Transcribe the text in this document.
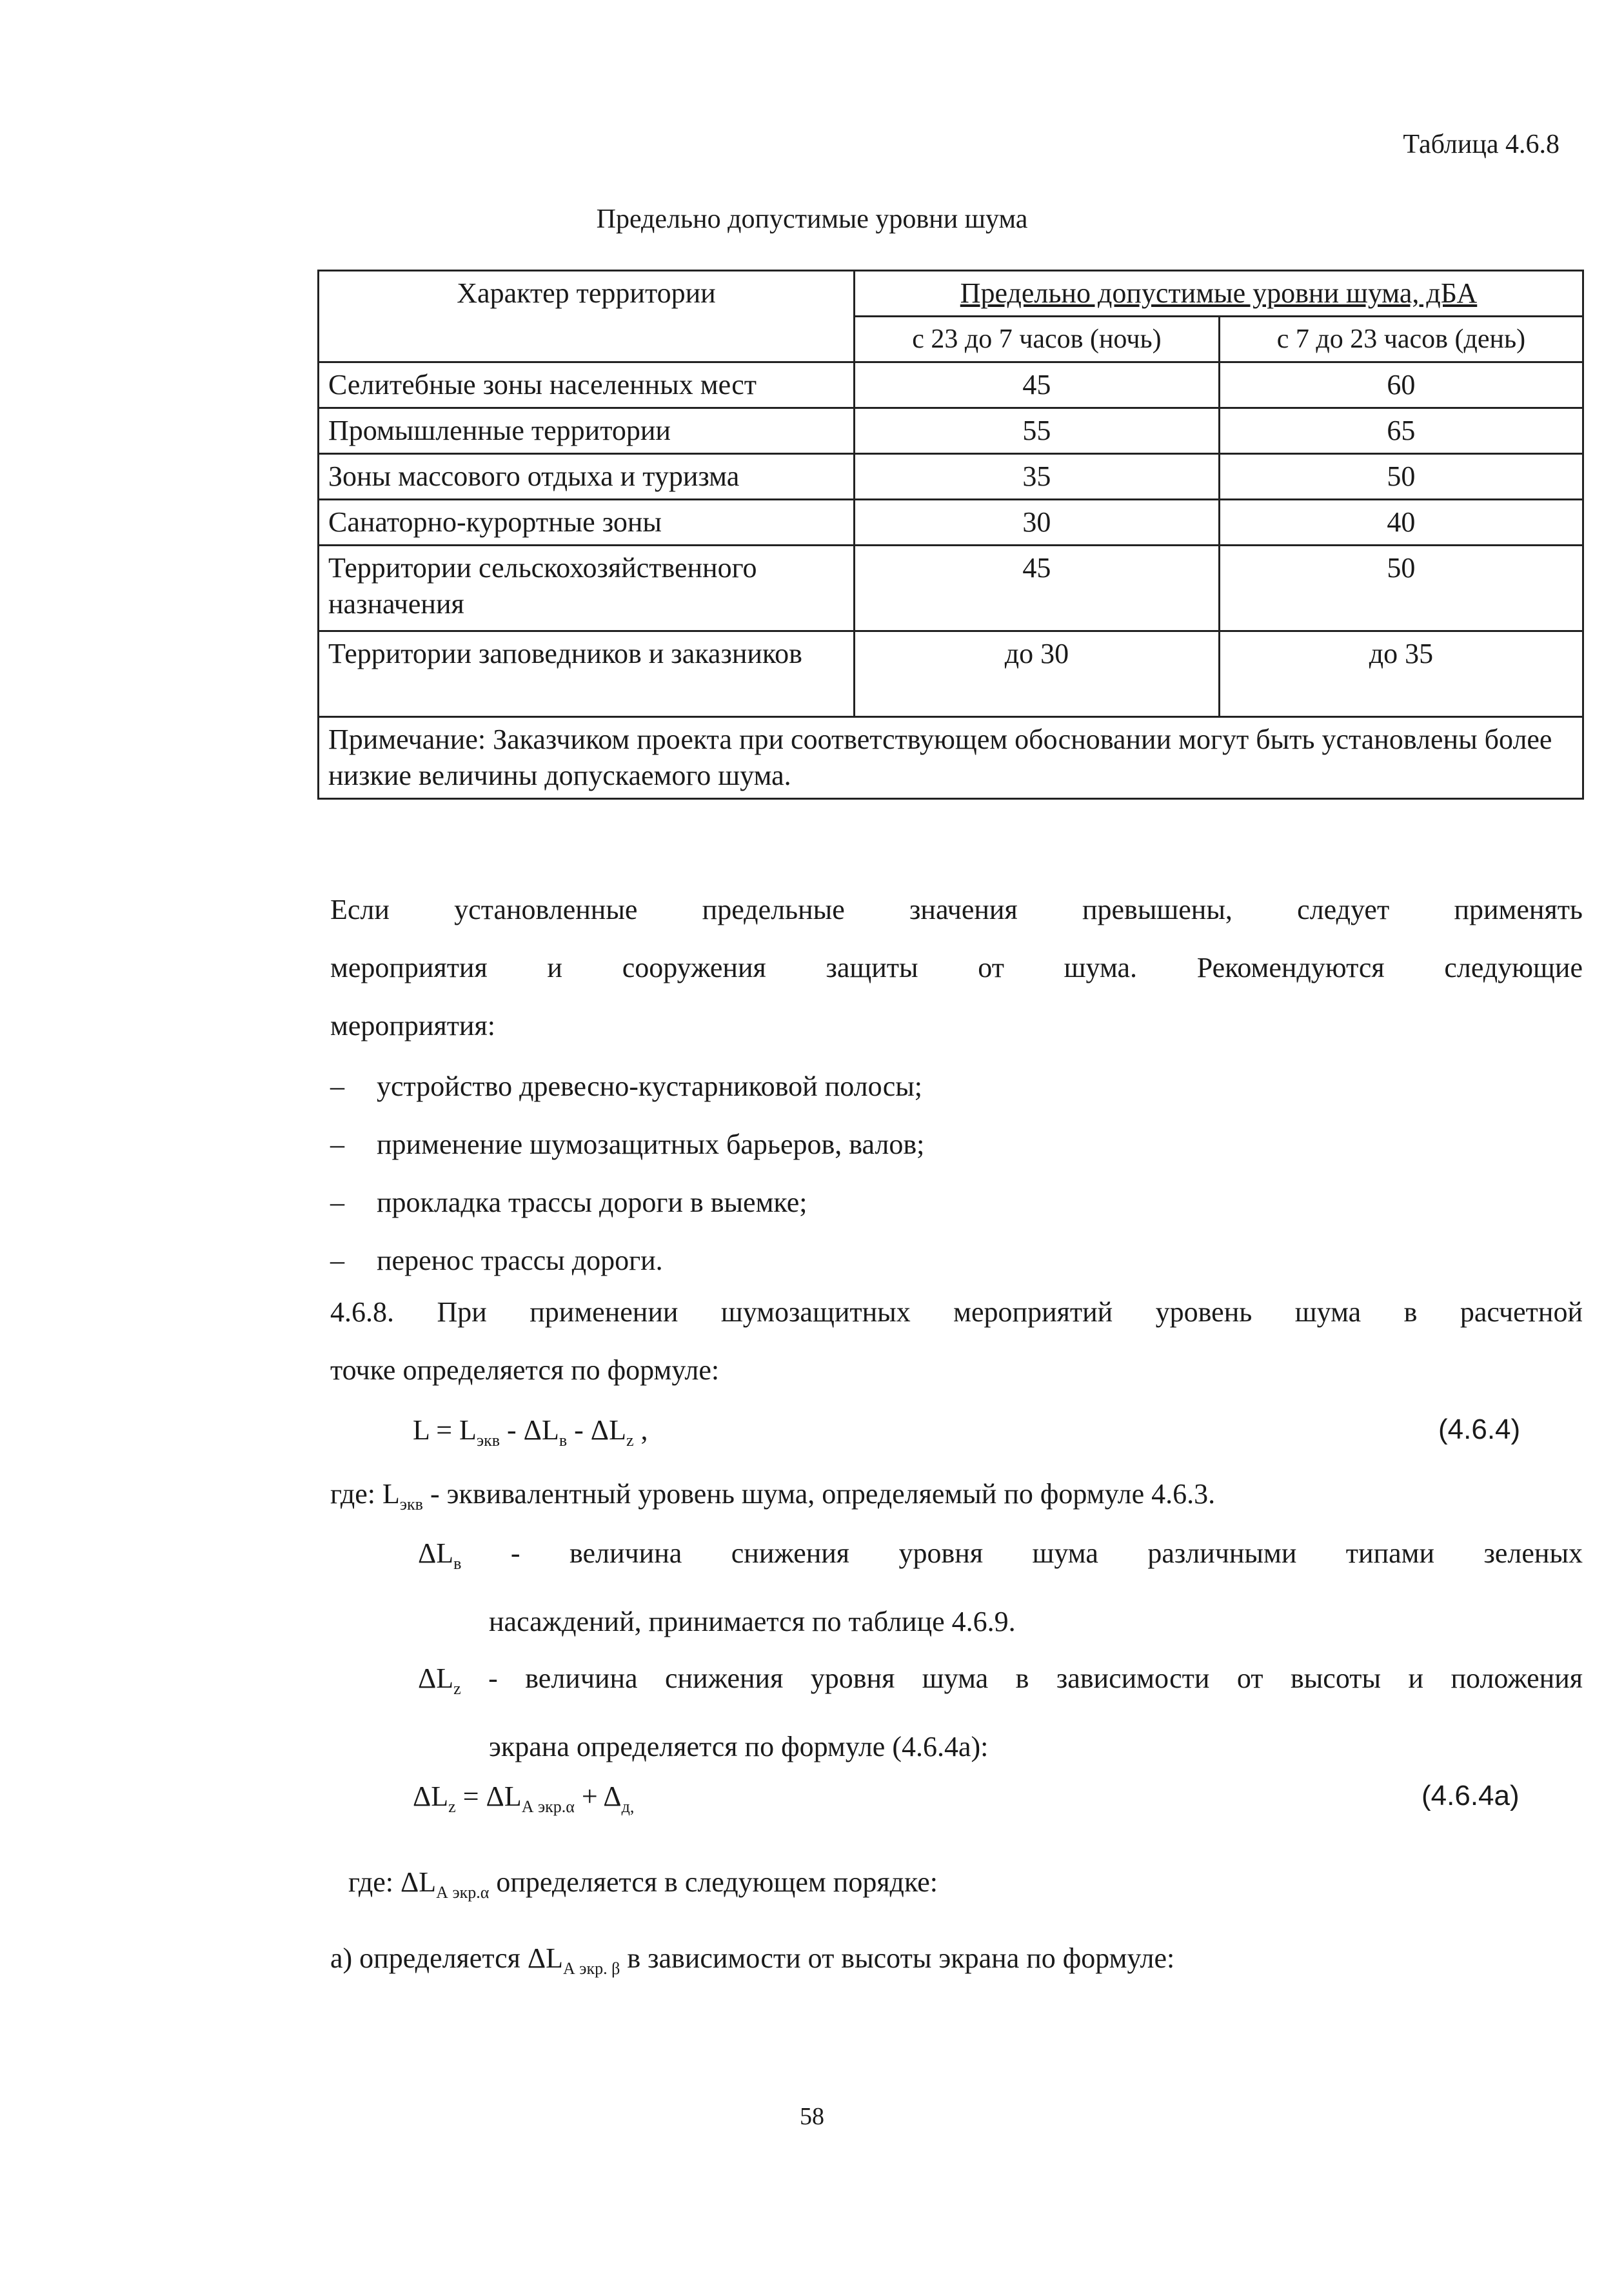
Таблица 4.6.8
Предельно допустимые уровни шума
Характер территории	Предельно допустимые уровни шума, дБА	
	с 23 до 7 часов (ночь)	с 7 до 23 часов (день)
Селитебные зоны населенных мест	45	60
Промышленные территории	55	65
Зоны массового отдыха и туризма	35	50
Санаторно-курортные зоны	30	40
Территории сельскохозяйственного назначения	45	50
Территории заповедников и заказников	до 30	до 35
Примечание: Заказчиком проекта при соответствующем обосновании могут быть установлены более низкие величины допускаемого шума.		
Если установленные предельные значения превышены, следует применять
мероприятия и сооружения защиты от шума. Рекомендуются следующие
мероприятия:
–	устройство древесно-кустарниковой полосы;
–	применение шумозащитных барьеров, валов;
–	прокладка трассы дороги в выемке;
–	перенос трассы дороги.
4.6.8. При применении шумозащитных мероприятий уровень шума в расчетной
точке определяется по формуле:
$L = L_{экв} - \Delta L_в - \Delta L_z$ ,	(4.6.4)
где: $L_{экв}$ - эквивалентный уровень шума, определяемый по формуле 4.6.3.
$\Delta L_в$ - величина снижения уровня шума различными типами зеленых
насаждений, принимается по таблице 4.6.9.
$\Delta L_z$ - величина снижения уровня шума в зависимости от высоты и положения
экрана определяется по формуле (4.6.4а):
$\Delta L_z = \Delta L_{А экр.\alpha} + \Delta_{д,}$	(4.6.4а)
где: $\Delta L_{А экр.\alpha}$ определяется в следующем порядке:
а) определяется $\Delta L_{А экр. \beta}$ в зависимости от высоты экрана по формуле:
58
